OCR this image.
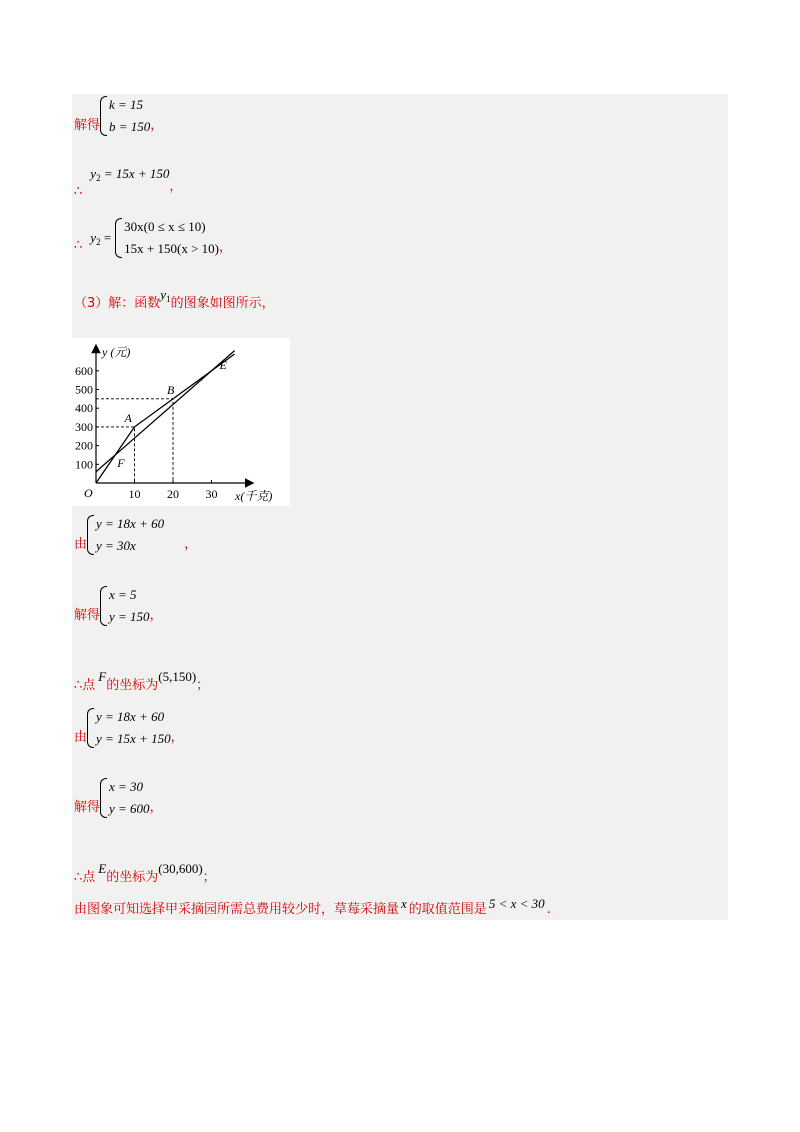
解得
k = 15
b = 150 ，
∴
$y_2 = 15x + 150$
，
∴
$y_2$ =
30x(0 ≤ x ≤ 10)
15x + 150(x > 10) ，
（3）解：函数$y_1$的图象如图所示，
100
200
300
400
500
600
10 20 30
O
y (元)
x(千克)
A
B
E
F
由
y = 18x + 60
y = 30x	，
解得
x = 5
y = 150 ，
∴点
F
的坐标为
(5,150)
；
由
y = 18x + 60
y = 15x + 150 ，
解得
x = 30
y = 600 ，
∴点
E
的坐标为
(30,600)
；
由图象可知选择甲采摘园所需总费用较少时，草莓采摘量 x 的取值范围是 5 < x < 30 .
